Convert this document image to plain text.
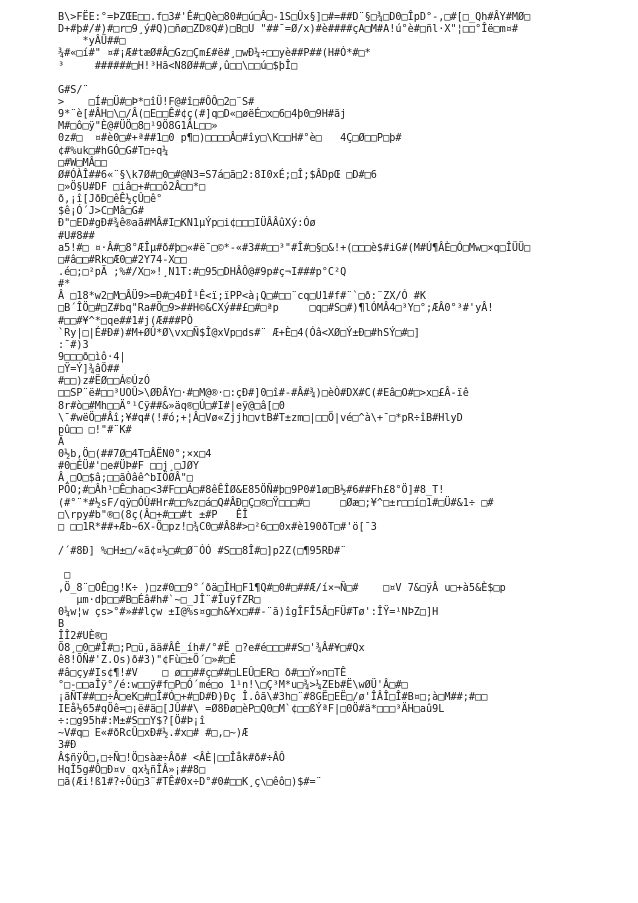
B\>FËE:°=ÞZŒE□□.f□3#'Ê#□Qè□80#□ú□Â□-1S□Ûx§]□#=##D¨§□¾□D0□ÎpD°-,□#[□_Qh#ÂY#MØ□
D+#þ#/#)#□r□9¸ý#Q)□ñø□ZD®Q#)□B□U "##¯=Ø/x)#è####çA□M#A!ú°è#□ñl·X"¦□□°Îë□m¤#
*yÂÜ##□
¾#«□í#" ¤#¡Æ#tæØ#Â□Gz□Çm£#ë#¸□wÐ¼÷□□yè##P##(H#Ó*#□*
³     ######□H!³Hã<N8Ø##□#,û□□\□□ú□$þÎ□
G#S/¨
>    □Í#□Ü#□Þ*□îÜ!F@#î□#ÔÔ□2□¨S#
9*¨è[#ÂH□\□/Â(□E□□Ê#¢ç(#]q□D«□øëÉ□x□6□4þ0□9H#ãj
M#□ô□ÿ"È@#ÜÖ□8□¹9Ö8G1ÂL□□»
0z#□  ¤#è0□#+ª##1□0 p¶□)□□□□Â□#îy□\K□□H#°è□   4Ç□Ø□□P□þ#
¢#%uk□#hGÓ□G#T□÷q¼
□#W□MÂ□□
Ø#ÓÀÎ##6«¨§\k7Ø#□0□#@N3=S7á□ã□2:8I0xÉ;□Î;$ÂDpŒ □D#□6
□»Ö§U#DF □iâ□+#□□ô2Â□□*□
ð,¡î[JðÐ□êÊ½çÛ□ê°
$ê¡Ó´J>C□Mâ□G#
Ð"□ED#gÐ#¾ê®aã#MÂ#I□KN1µÝp□i¢□□□IÜÂÂûXý:Óø
#U#8##
a5!#□ ¤·Â#□8°ÆÎµ#ð#þ□«#ë¯□©*-«#3##□□³"#Î#□§□&!+(□□□è$#iG#(M#Ú¶ÂÈ□Ó□Mw□×q□ÎÜÜ□
□#â□□#Rk□Æ0□#2Y74-X□□
.é□;□²pÃ ;%#/X□»!¸N1T:#□95□DHÂÔ@#9p#ç¬I###p°C²Q
#*
Â □18*w2□M□ÂÜ9>=Ð#□4ÐÎ¹Ê<ï;ïPP<à¡Q□#□□¨cq□U1#f#¨`□ð:¨ZX/Ó #K
□B´ÎÖ□#□Z#bq"Ra#Ö□9>##H©&CXý##£□#□ªp     □q□#S□#)¶lÓMÂ4□³Y□°;ÆÂ0°³#'yÂ!
#□□#¥^*□qe##1#j(Æ###PÒ
`Ry|□|É#Ð#)#M+ØÛ*Ø\vx□Ñ$Î@xVp□ds#¨ Æ+È□4(Óâ<XØ□Ý±Ð□#hSÝ□#□]
:¯#)3
9□□□ð□ìô·4|
□Ÿ=Ý]¾âÖ##
#□□)z#ËØ□□Á©ÚzÓ
□□SP¨ë#□□³UOÛ>\ØÐÂY□·#□M@®·□:çÐ#]0□î#-#Â#¾)□èÒ#DX#C(#Eâ□O#□>x□£Â-ïê
8r#ò□#Mh□□Ä°¹Cÿ##&»äq®□Ú□#I#|eÿ@□â[□0
\¯#wëÖ□#Âî;¥#q#(!#ó;+¦Â□Vø«Zjjh□vtB#T±zm□|□□Ö|vé□^à\+¯□*pR÷îB#HlyD
pû□□ □!"#¨K#
Ã
0½b,Ö□(##7Ø□4T□ÂËN0°;×x□4
#0□ÉÜ#'□e#ÜÞ#F □□j¸□JØY
Â¸□O□$â;□□ãÒâê^bIÖØÂ"□
PÖO;#□Âh¹□Ê□ha□<3#F□□Á□#8êÊÎØ&E85ÖÑ#þ□9P0#1ø□B½#6##Fh£8°Ö]#8_T!
(#°¨*#½sF/qÿ□ÓÙ#Hr#□□%z□á□Q#ÂÐ□Ç□®□Ÿ□□□#□     □Øæ□;¥^□±r□□í□1#□Ü#&1÷ □#
□\rpy#b"®□(8ç(Â□+#□□#t ±#P   ÊÎ
□ □□1R*##+Æb~6X-Ö□pz!□¾C0□#Â8#>□²6□□0x#è190ðT□#'ö[¯3
/´#8Ð] %□H±□/«ã¢¤½□#□Ø¨ÓÓ #S□□8Î#□]p2Z(□¶95RÐ#¨
□
,Ö_8¨□OÊ□g!K÷ )□z#0□□9°´ðä□ÌH□F1¶Q#□0#□##Æ/í×¬Ñ□#    □¤V 7&□ÿÂ u□+à5&È$□p
µm·dþ□□#B□Éâ#h#`~□_JÎ¨#ÎuÿfZR□
0¼w¦w çs>°#»##lçw ±I@%s¤g□h&¥x□##-¨ã)îgÎFÎ5Â□FÜ#Tø':ÎŸ=¹NÞZ□]H
B
ÎÎ2#UÈ®□
Õ8¸□0□#Î#□;P□ü,ãä#ÂÊ_íh#/°#Ë □?e#é□□□##S□'¾Â#¥□#Qx
ê8!ÕÑ#'Z.Os)ð#3)"¢Fù□±Ö´□»#□Ê
#â□çy#Is¢¶!#V    □ ø□□##ç□##□LEÛ□ER□ ð#□□Ý»n□TÊ
°□-□□aÎÿ°/é:w□□ÿ#f□P□Ó´mé□o 1¹n!\□Ç³M*u□¾>¼ZEb#Ë\wØÜ'Â□#□
¡ãÑT##□□÷Â□eK□#□Î#Ó□+#□D#Ð)Ðç Î.ôã\#3h□¨#8GË□EË□/ø'ÎÂÎ□Î#B¤□;à□M##;#□□
IEå½65#qÖê=□¡ë#ä□[JÛ##\ =Ø8Ðø□èP□Q0□M`¢□□ßÝªF|□0Ö#ä*□□□³ÄH□aû9L
÷:□g95h#:M±#S□□Y$?[Ö#Þ¡î
~V#q□ E«#ðRcÛ□xÐ#½.#x□# #□,□~)Æ
3#Ð
Â$ñÿÖ□,□÷Ñ□!Ö□sàæ÷Âð# <ÂÈ|□□Îåk#ð#÷ÂÔ
HqÎ5g#Ô□Ð¤v qx¼ñÎÂ»¡##8□
□ã(Æi!ß1#?÷Ôü□3¨#TÊ#0x÷D°#0#□□K¸ç\□êô□)$#=¨
